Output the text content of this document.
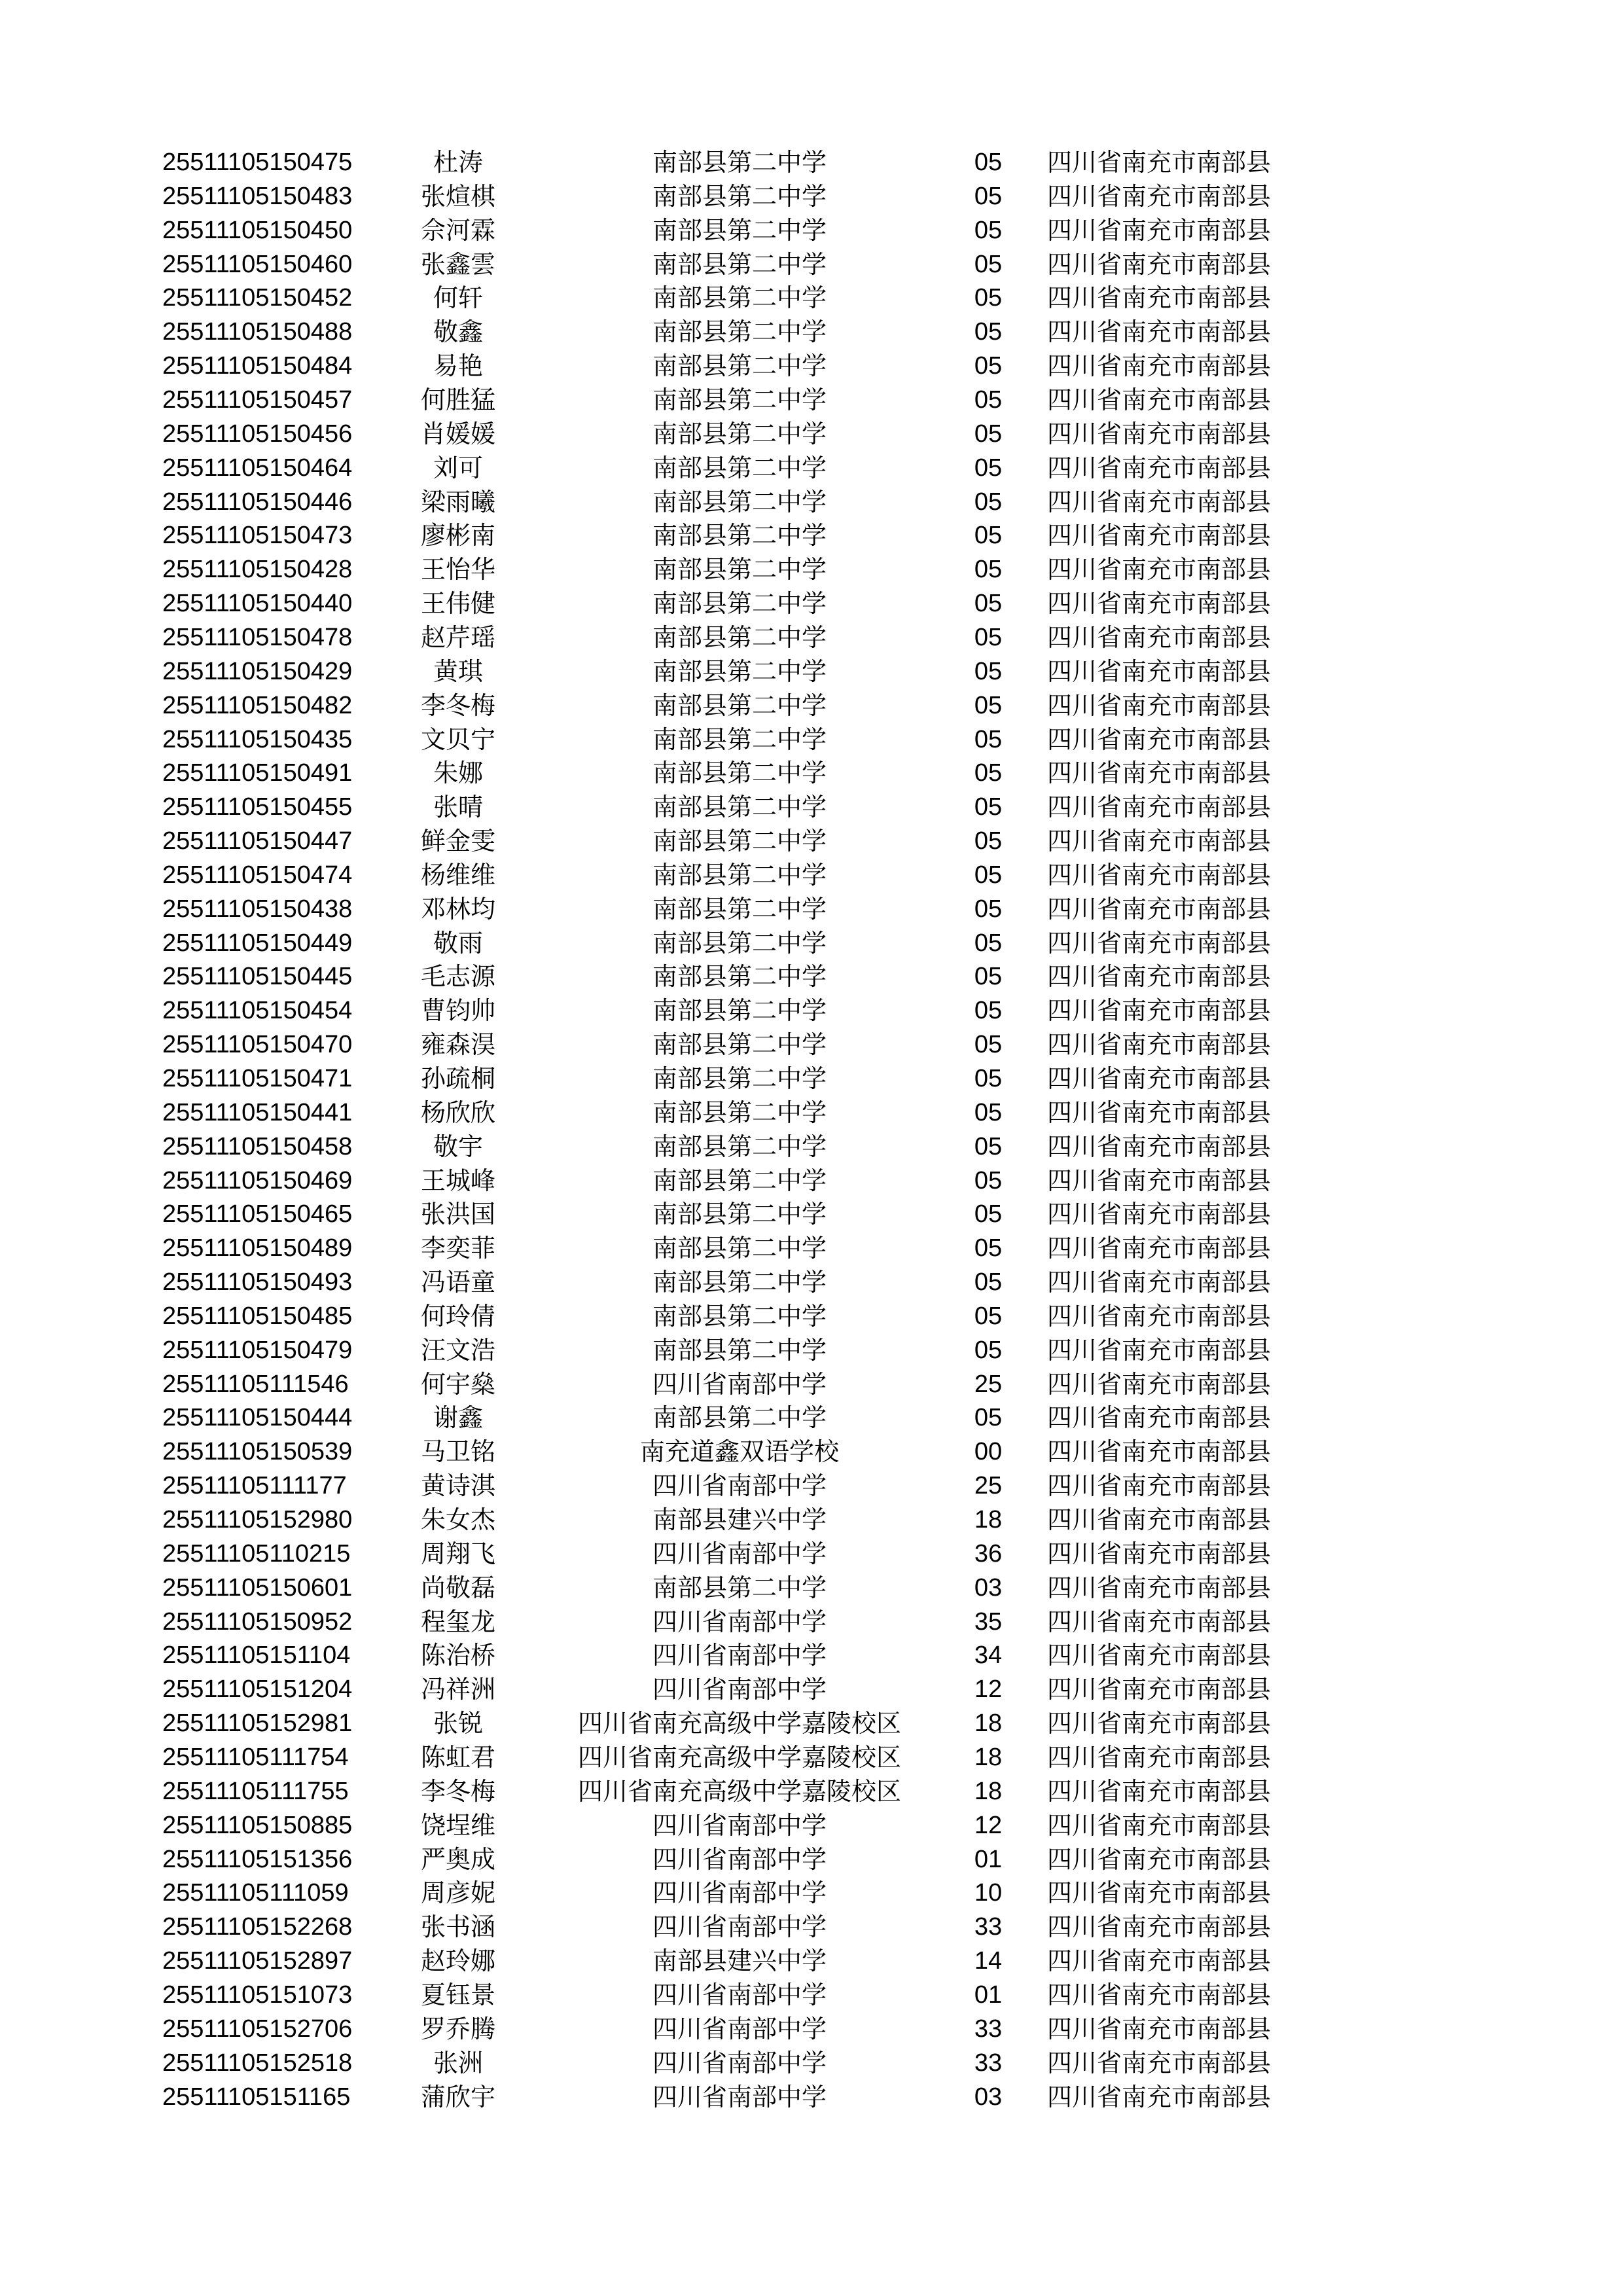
25511105150475	杜涛	南部县第二中学	05	四川省南充市南部县
25511105150483	张煊棋	南部县第二中学	05	四川省南充市南部县
25511105150450	佘河霖	南部县第二中学	05	四川省南充市南部县
25511105150460	张鑫雲	南部县第二中学	05	四川省南充市南部县
25511105150452	何轩	南部县第二中学	05	四川省南充市南部县
25511105150488	敬鑫	南部县第二中学	05	四川省南充市南部县
25511105150484	易艳	南部县第二中学	05	四川省南充市南部县
25511105150457	何胜猛	南部县第二中学	05	四川省南充市南部县
25511105150456	肖媛媛	南部县第二中学	05	四川省南充市南部县
25511105150464	刘可	南部县第二中学	05	四川省南充市南部县
25511105150446	梁雨曦	南部县第二中学	05	四川省南充市南部县
25511105150473	廖彬南	南部县第二中学	05	四川省南充市南部县
25511105150428	王怡华	南部县第二中学	05	四川省南充市南部县
25511105150440	王伟健	南部县第二中学	05	四川省南充市南部县
25511105150478	赵芹瑶	南部县第二中学	05	四川省南充市南部县
25511105150429	黄琪	南部县第二中学	05	四川省南充市南部县
25511105150482	李冬梅	南部县第二中学	05	四川省南充市南部县
25511105150435	文贝宁	南部县第二中学	05	四川省南充市南部县
25511105150491	朱娜	南部县第二中学	05	四川省南充市南部县
25511105150455	张晴	南部县第二中学	05	四川省南充市南部县
25511105150447	鲜金雯	南部县第二中学	05	四川省南充市南部县
25511105150474	杨维维	南部县第二中学	05	四川省南充市南部县
25511105150438	邓林均	南部县第二中学	05	四川省南充市南部县
25511105150449	敬雨	南部县第二中学	05	四川省南充市南部县
25511105150445	毛志源	南部县第二中学	05	四川省南充市南部县
25511105150454	曹钧帅	南部县第二中学	05	四川省南充市南部县
25511105150470	雍森淏	南部县第二中学	05	四川省南充市南部县
25511105150471	孙疏桐	南部县第二中学	05	四川省南充市南部县
25511105150441	杨欣欣	南部县第二中学	05	四川省南充市南部县
25511105150458	敬宇	南部县第二中学	05	四川省南充市南部县
25511105150469	王城峰	南部县第二中学	05	四川省南充市南部县
25511105150465	张洪国	南部县第二中学	05	四川省南充市南部县
25511105150489	李奕菲	南部县第二中学	05	四川省南充市南部县
25511105150493	冯语童	南部县第二中学	05	四川省南充市南部县
25511105150485	何玲倩	南部县第二中学	05	四川省南充市南部县
25511105150479	汪文浩	南部县第二中学	05	四川省南充市南部县
25511105111546	何宇燊	四川省南部中学	25	四川省南充市南部县
25511105150444	谢鑫	南部县第二中学	05	四川省南充市南部县
25511105150539	马卫铭	南充道鑫双语学校	00	四川省南充市南部县
25511105111177	黄诗淇	四川省南部中学	25	四川省南充市南部县
25511105152980	朱女杰	南部县建兴中学	18	四川省南充市南部县
25511105110215	周翔飞	四川省南部中学	36	四川省南充市南部县
25511105150601	尚敬磊	南部县第二中学	03	四川省南充市南部县
25511105150952	程玺龙	四川省南部中学	35	四川省南充市南部县
25511105151104	陈治桥	四川省南部中学	34	四川省南充市南部县
25511105151204	冯祥洲	四川省南部中学	12	四川省南充市南部县
25511105152981	张锐	四川省南充高级中学嘉陵校区	18	四川省南充市南部县
25511105111754	陈虹君	四川省南充高级中学嘉陵校区	18	四川省南充市南部县
25511105111755	李冬梅	四川省南充高级中学嘉陵校区	18	四川省南充市南部县
25511105150885	饶埕维	四川省南部中学	12	四川省南充市南部县
25511105151356	严奥成	四川省南部中学	01	四川省南充市南部县
25511105111059	周彦妮	四川省南部中学	10	四川省南充市南部县
25511105152268	张书涵	四川省南部中学	33	四川省南充市南部县
25511105152897	赵玲娜	南部县建兴中学	14	四川省南充市南部县
25511105151073	夏钰景	四川省南部中学	01	四川省南充市南部县
25511105152706	罗乔腾	四川省南部中学	33	四川省南充市南部县
25511105152518	张洲	四川省南部中学	33	四川省南充市南部县
25511105151165	蒲欣宇	四川省南部中学	03	四川省南充市南部县
